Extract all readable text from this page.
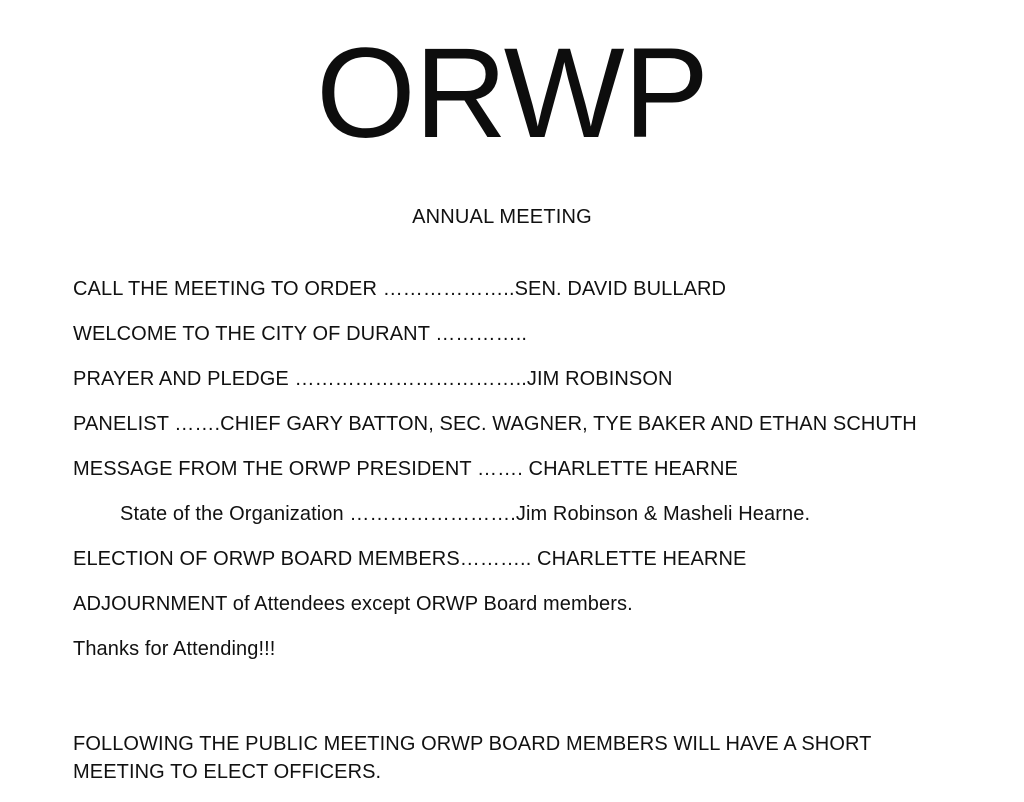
ORWP
ANNUAL MEETING
CALL THE MEETING TO ORDER ………………..SEN. DAVID BULLARD
WELCOME TO THE CITY OF DURANT …………..
PRAYER AND PLEDGE ……………………………..JIM ROBINSON
PANELIST …….CHIEF GARY BATTON, SEC. WAGNER, TYE BAKER AND ETHAN SCHUTH
MESSAGE FROM THE ORWP PRESIDENT ……. CHARLETTE HEARNE
State of the Organization …………………….Jim Robinson & Masheli Hearne.
ELECTION OF ORWP BOARD MEMBERS……….. CHARLETTE HEARNE
ADJOURNMENT of Attendees except ORWP Board members.
Thanks for Attending!!!
FOLLOWING THE PUBLIC MEETING ORWP BOARD MEMBERS WILL HAVE A SHORT
MEETING TO ELECT OFFICERS.
